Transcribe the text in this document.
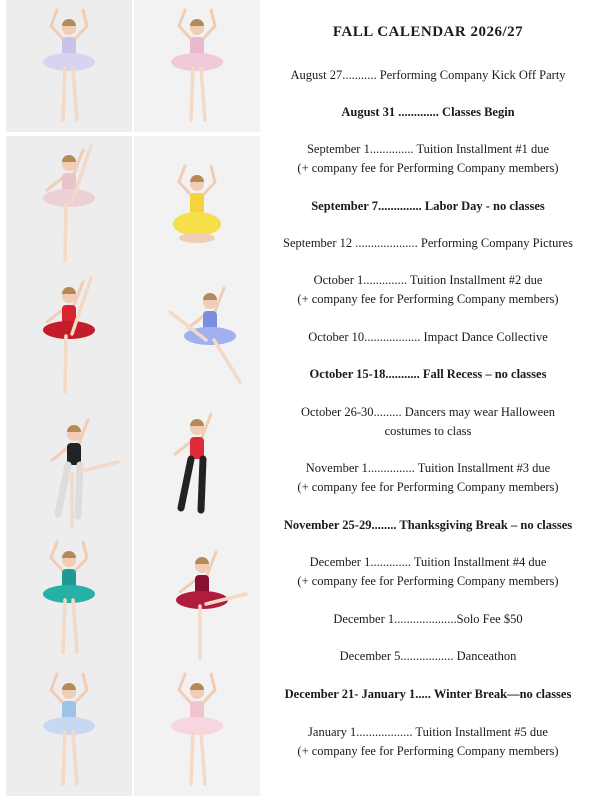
FALL CALENDAR 2026/27
August 27........... Performing Company Kick Off Party
August 31 ............. Classes Begin
September 1.............. Tuition Installment #1 due
(+ company fee for Performing Company members)
September 7.............. Labor Day - no classes
September 12 .................... Performing Company Pictures
October 1.............. Tuition Installment #2 due
(+ company fee for Performing Company members)
October 10.................. Impact Dance Collective
October 15-18........... Fall Recess – no classes
October 26-30......... Dancers may wear Halloween
costumes to class
November 1............... Tuition Installment #3 due
(+ company fee for Performing Company members)
November 25-29........ Thanksgiving Break – no classes
December 1............. Tuition Installment #4 due
(+ company fee for Performing Company members)
December 1....................Solo Fee $50
December 5................. Danceathon
December 21- January 1..... Winter Break—no classes
January 1.................. Tuition Installment #5 due
(+ company fee for Performing Company members)
